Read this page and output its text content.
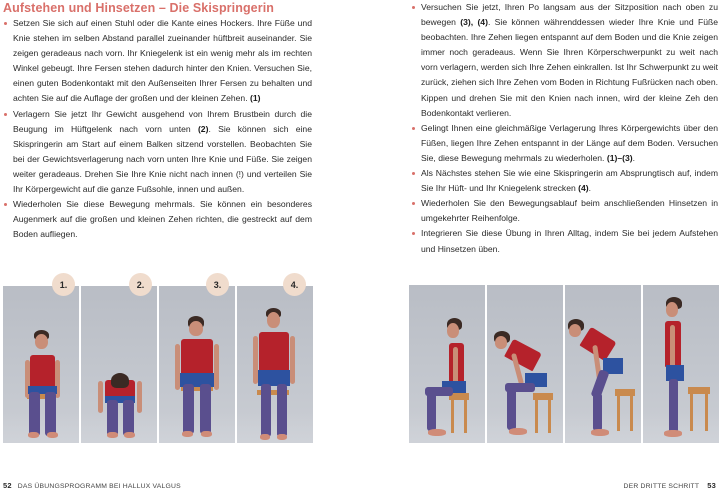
Aufstehen und Hinsetzen – Die Skispringerin
Setzen Sie sich auf einen Stuhl oder die Kante eines Hockers. Ihre Füße und Knie stehen im selben Abstand parallel zueinander hüftbreit auseinander. Sie zeigen geradeaus nach vorn. Ihr Kniegelenk ist ein wenig mehr als im rechten Winkel gebeugt. Ihre Fersen stehen dadurch hinter den Knien. Versuchen Sie, einen guten Bodenkontakt mit den Außenseiten Ihrer Fersen zu behalten und achten Sie auf die Auflage der großen und der kleinen Zehen. (1)
Verlagern Sie jetzt Ihr Gewicht ausgehend von Ihrem Brustbein durch die Beugung im Hüftgelenk nach vorn unten (2). Sie können sich eine Skispringerin am Start auf einem Balken sitzend vorstellen. Beobachten Sie bei der Gewichtsverlagerung nach vorn unten Ihre Knie und Füße. Sie zeigen weiter geradeaus. Drehen Sie Ihre Knie nicht nach innen (!) und verteilen Sie Ihr Körpergewicht auf die ganze Fußsohle, innen und außen.
Wiederholen Sie diese Bewegung mehrmals. Sie können ein besonderes Augenmerk auf die großen und kleinen Zehen richten, die gestreckt auf dem Boden aufliegen.
1.	2.	3.	4.
52 DAS ÜBUNGSPROGRAMM BEI HALLUX VALGUS
Versuchen Sie jetzt, Ihren Po langsam aus der Sitzposition nach oben zu bewegen (3), (4). Sie können währenddessen wieder Ihre Knie und Füße beobachten. Ihre Zehen liegen entspannt auf dem Boden und die Knie zeigen immer noch geradeaus. Wenn Sie Ihren Körperschwerpunkt zu weit nach vorn verlagern, werden sich Ihre Zehen einkrallen. Ist Ihr Schwerpunkt zu weit zurück, ziehen sich Ihre Zehen vom Boden in Richtung Fußrücken nach oben. Kippen und drehen Sie mit den Knien nach innen, wird der kleine Zeh den Bodenkontakt verlieren.
Gelingt Ihnen eine gleichmäßige Verlagerung Ihres Körpergewichts über den Füßen, liegen Ihre Zehen entspannt in der Länge auf dem Boden. Versuchen Sie, diese Bewegung mehrmals zu wiederholen. (1)–(3).
Als Nächstes stehen Sie wie eine Skispringerin am Absprungtisch auf, indem Sie Ihr Hüft- und Ihr Kniegelenk strecken (4).
Wiederholen Sie den Bewegungsablauf beim anschließenden Hinsetzen in umgekehrter Reihenfolge.
Integrieren Sie diese Übung in Ihren Alltag, indem Sie bei jedem Aufstehen und Hinsetzen üben.
DER DRITTE SCHRITT 53
